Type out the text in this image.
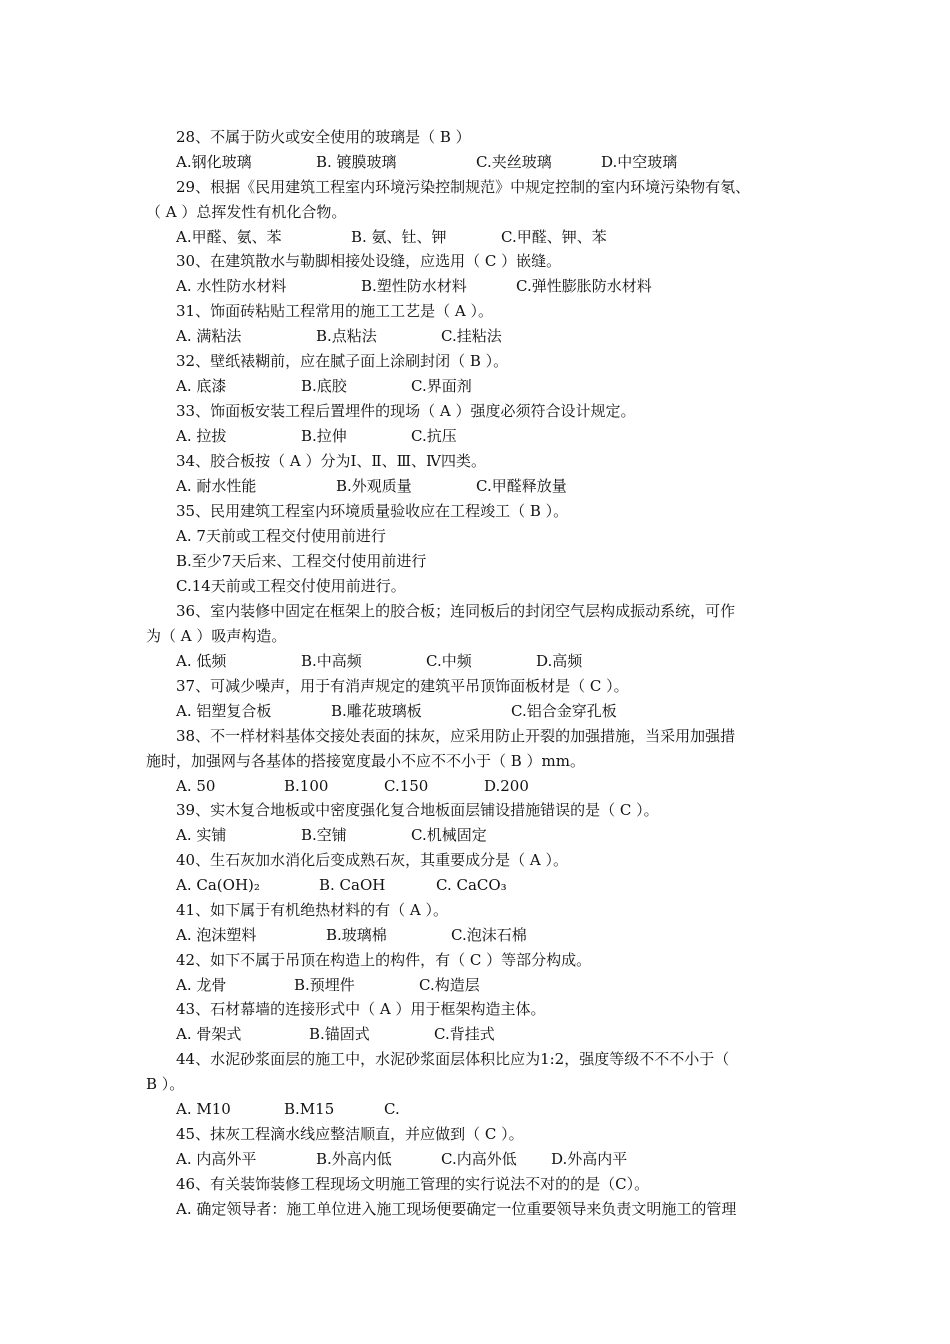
28、不属于防火或安全使用的玻璃是（ B ）
A.钢化玻璃	B. 镀膜玻璃	C.夹丝玻璃	D.中空玻璃
29、根据《民用建筑工程室内环境污染控制规范》中规定控制的室内环境污染物有氡、
（ A ）总挥发性有机化合物。
A.甲醛、氨、苯	B. 氨、钍、钾	C.甲醛、钾、苯
30、在建筑散水与勒脚相接处设缝，应选用（ C ）嵌缝。
A. 水性防水材料	B.塑性防水材料	C.弹性膨胀防水材料
31、饰面砖粘贴工程常用的施工工艺是（ A ）。
A. 满粘法	B.点粘法	C.挂粘法
32、壁纸裱糊前，应在腻子面上涂刷封闭（ B ）。
A. 底漆	B.底胶	C.界面剂
33、饰面板安装工程后置埋件的现场（ A ）强度必须符合设计规定。
A. 拉拔	B.拉伸	C.抗压
34、胶合板按（ A ）分为Ⅰ、Ⅱ、Ⅲ、Ⅳ四类。
A. 耐水性能	B.外观质量	C.甲醛释放量
35、民用建筑工程室内环境质量验收应在工程竣工（ B ）。
A. 7天前或工程交付使用前进行
B.至少7天后来、工程交付使用前进行
C.14天前或工程交付使用前进行。
36、室内装修中固定在框架上的胶合板；连同板后的封闭空气层构成振动系统，可作
为（ A ）吸声构造。
A. 低频	B.中高频	C.中频	D.高频
37、可减少噪声，用于有消声规定的建筑平吊顶饰面板材是（ C ）。
A. 铝塑复合板	B.雕花玻璃板	C.铝合金穿孔板
38、不一样材料基体交接处表面的抹灰，应采用防止开裂的加强措施，当采用加强措
施时，加强网与各基体的搭接宽度最小不应不不小于（ B ）mm。
A. 50	B.100	C.150	D.200
39、实木复合地板或中密度强化复合地板面层铺设措施错误的是（ C ）。
A. 实铺	B.空铺	C.机械固定
40、生石灰加水消化后变成熟石灰，其重要成分是（ A ）。
A. Ca(OH)₂	B. CaOH	C. CaCO₃
41、如下属于有机绝热材料的有（ A ）。
A. 泡沫塑料	B.玻璃棉	C.泡沫石棉
42、如下不属于吊顶在构造上的构件，有（ C ）等部分构成。
A. 龙骨	B.预埋件	C.构造层
43、石材幕墙的连接形式中（ A ）用于框架构造主体。
A. 骨架式	B.锚固式	C.背挂式
44、水泥砂浆面层的施工中，水泥砂浆面层体积比应为1:2，强度等级不不不小于（
B ）。
A. M10	B.M15	C.
45、抹灰工程滴水线应整洁顺直，并应做到（ C ）。
A. 内高外平	B.外高内低	C.内高外低 D.外高内平
46、有关装饰装修工程现场文明施工管理的实行说法不对的的是（C）。
A. 确定领导者：施工单位进入施工现场便要确定一位重要领导来负责文明施工的管理
